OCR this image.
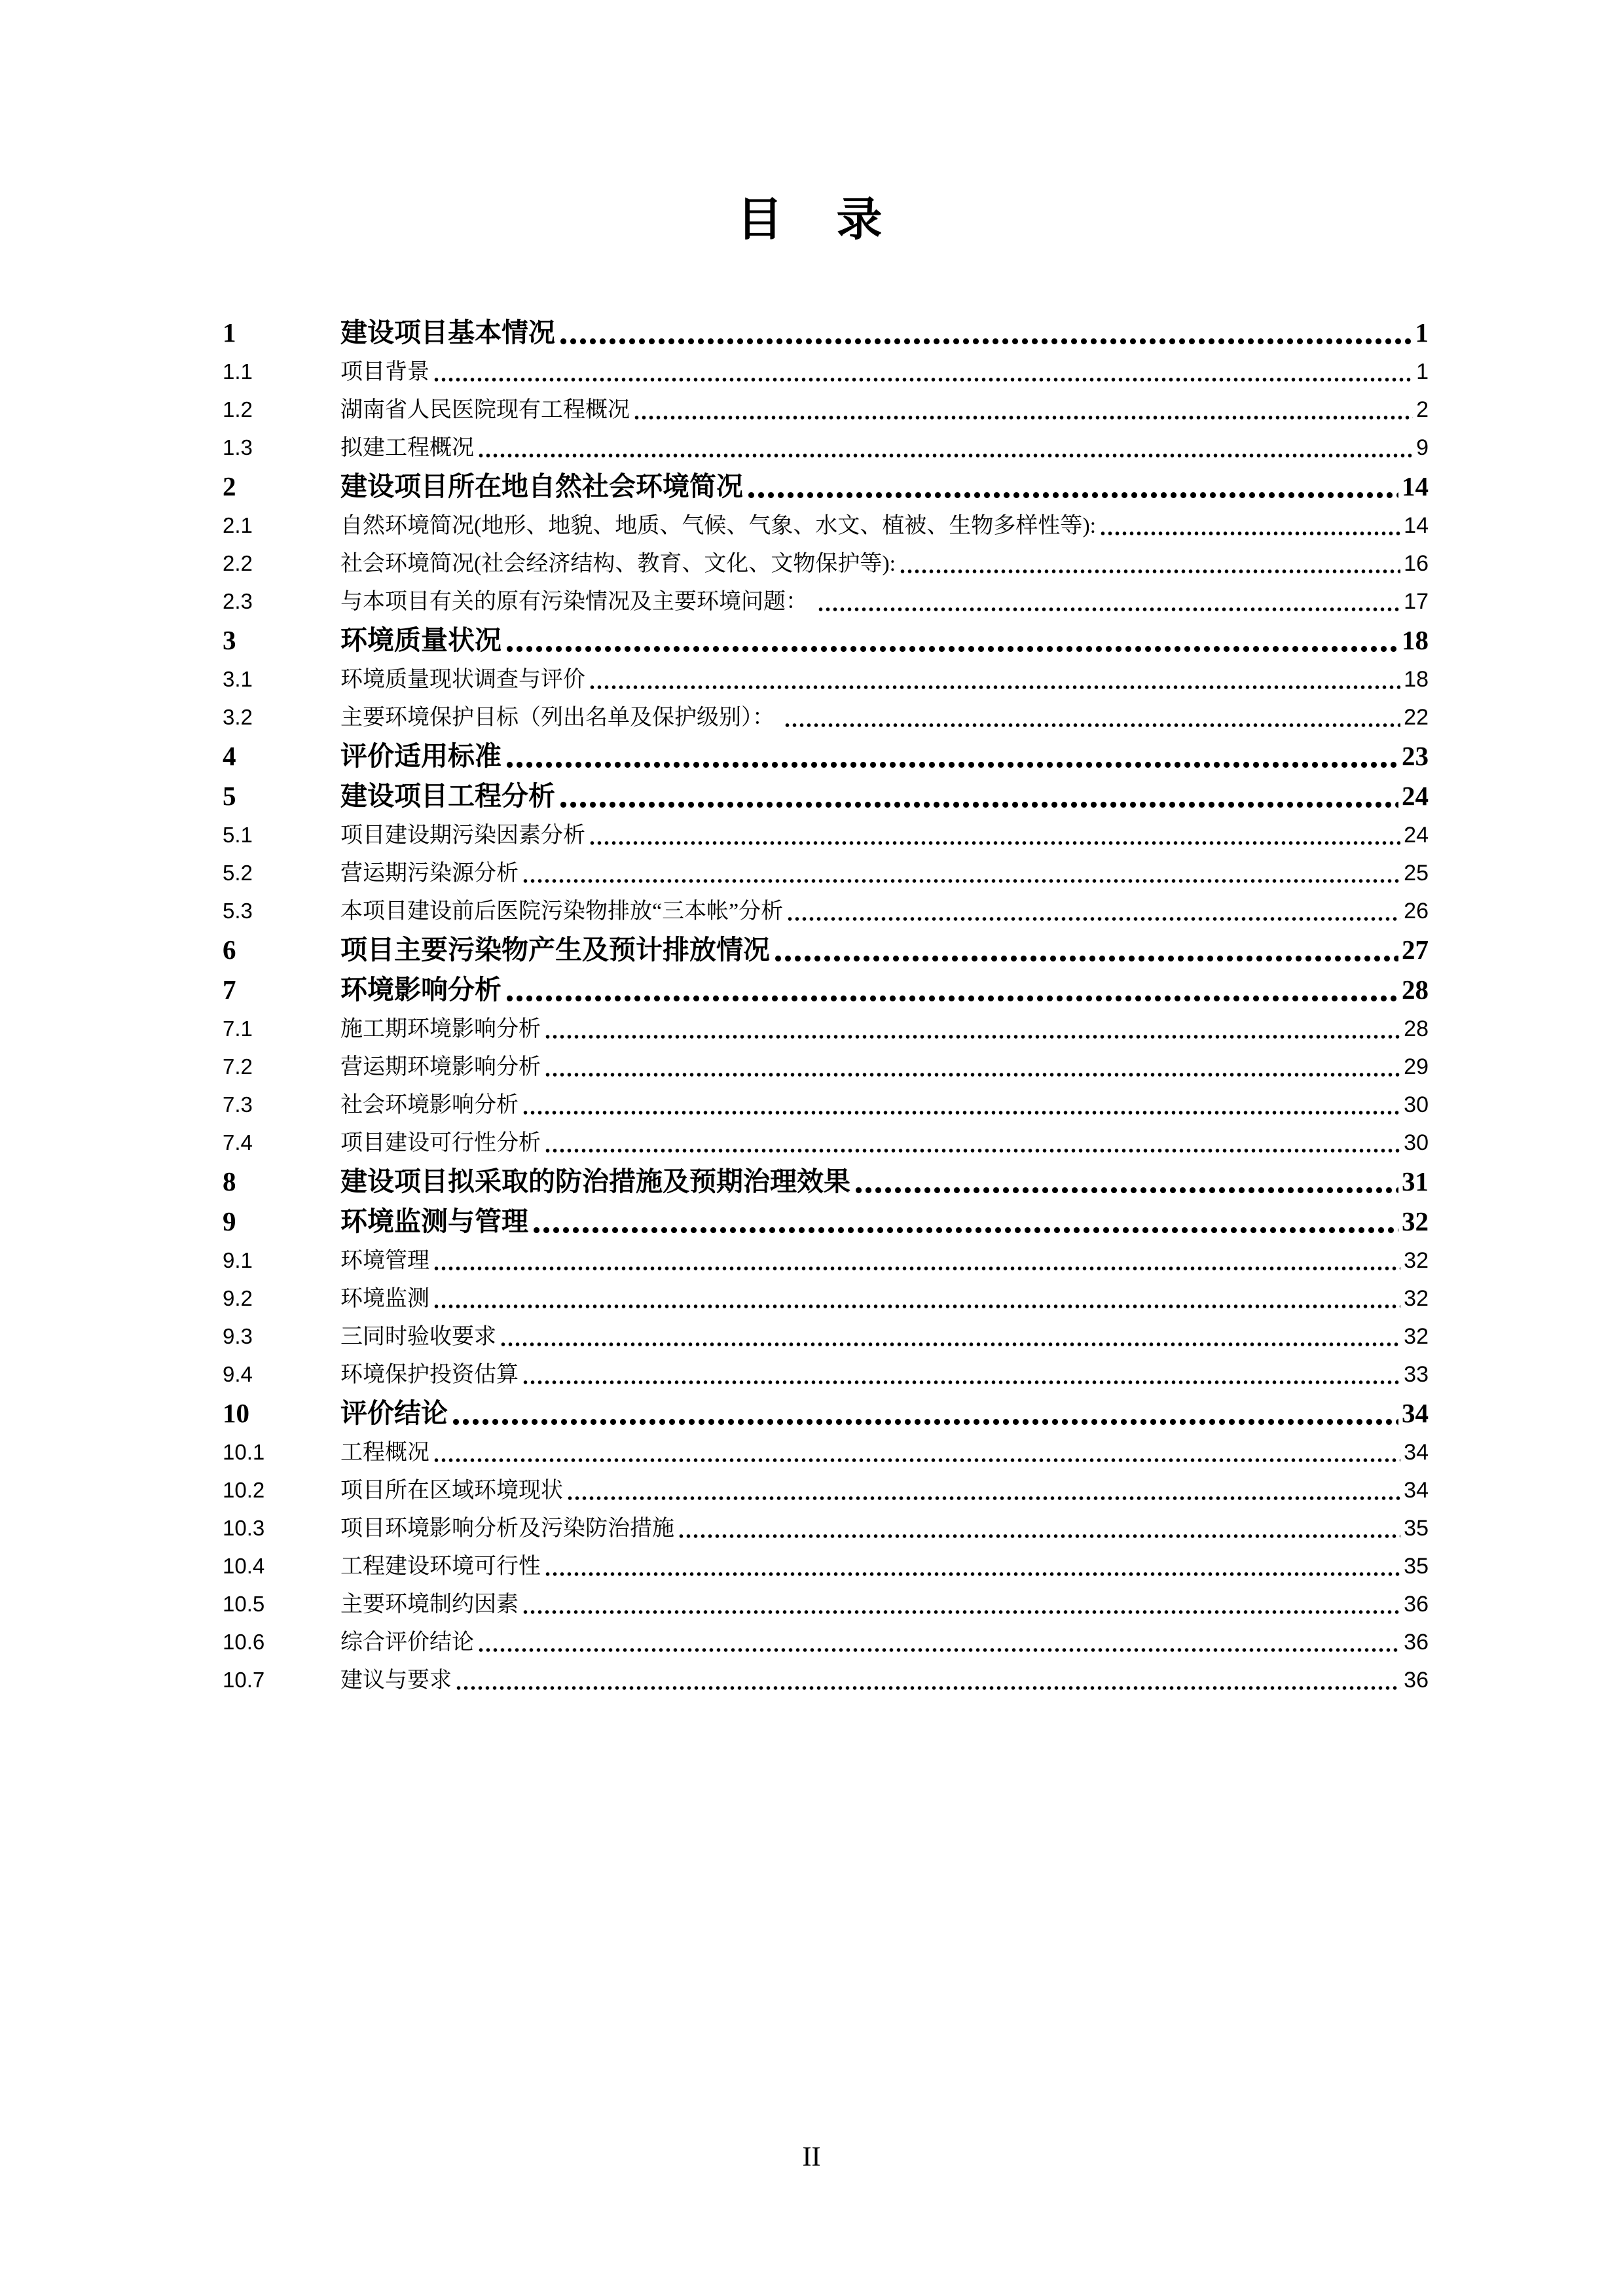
目　录
1	建设项目基本情况	1
1.1	项目背景	1
1.2	湖南省人民医院现有工程概况	2
1.3	拟建工程概况	9
2	建设项目所在地自然社会环境简况	14
2.1	自然环境简况(地形、地貌、地质、气候、气象、水文、植被、生物多样性等):	14
2.2	社会环境简况(社会经济结构、教育、文化、文物保护等):	16
2.3	与本项目有关的原有污染情况及主要环境问题：	17
3	环境质量状况	18
3.1	环境质量现状调查与评价	18
3.2	主要环境保护目标（列出名单及保护级别）：	22
4	评价适用标准	23
5	建设项目工程分析	24
5.1	项目建设期污染因素分析	24
5.2	营运期污染源分析	25
5.3	本项目建设前后医院污染物排放“三本帐”分析	26
6	项目主要污染物产生及预计排放情况	27
7	环境影响分析	28
7.1	施工期环境影响分析	28
7.2	营运期环境影响分析	29
7.3	社会环境影响分析	30
7.4	项目建设可行性分析	30
8	建设项目拟采取的防治措施及预期治理效果	31
9	环境监测与管理	32
9.1	环境管理	32
9.2	环境监测	32
9.3	三同时验收要求	32
9.4	环境保护投资估算	33
10	评价结论	34
10.1	工程概况	34
10.2	项目所在区域环境现状	34
10.3	项目环境影响分析及污染防治措施	35
10.4	工程建设环境可行性	35
10.5	主要环境制约因素	36
10.6	综合评价结论	36
10.7	建议与要求	36
II
